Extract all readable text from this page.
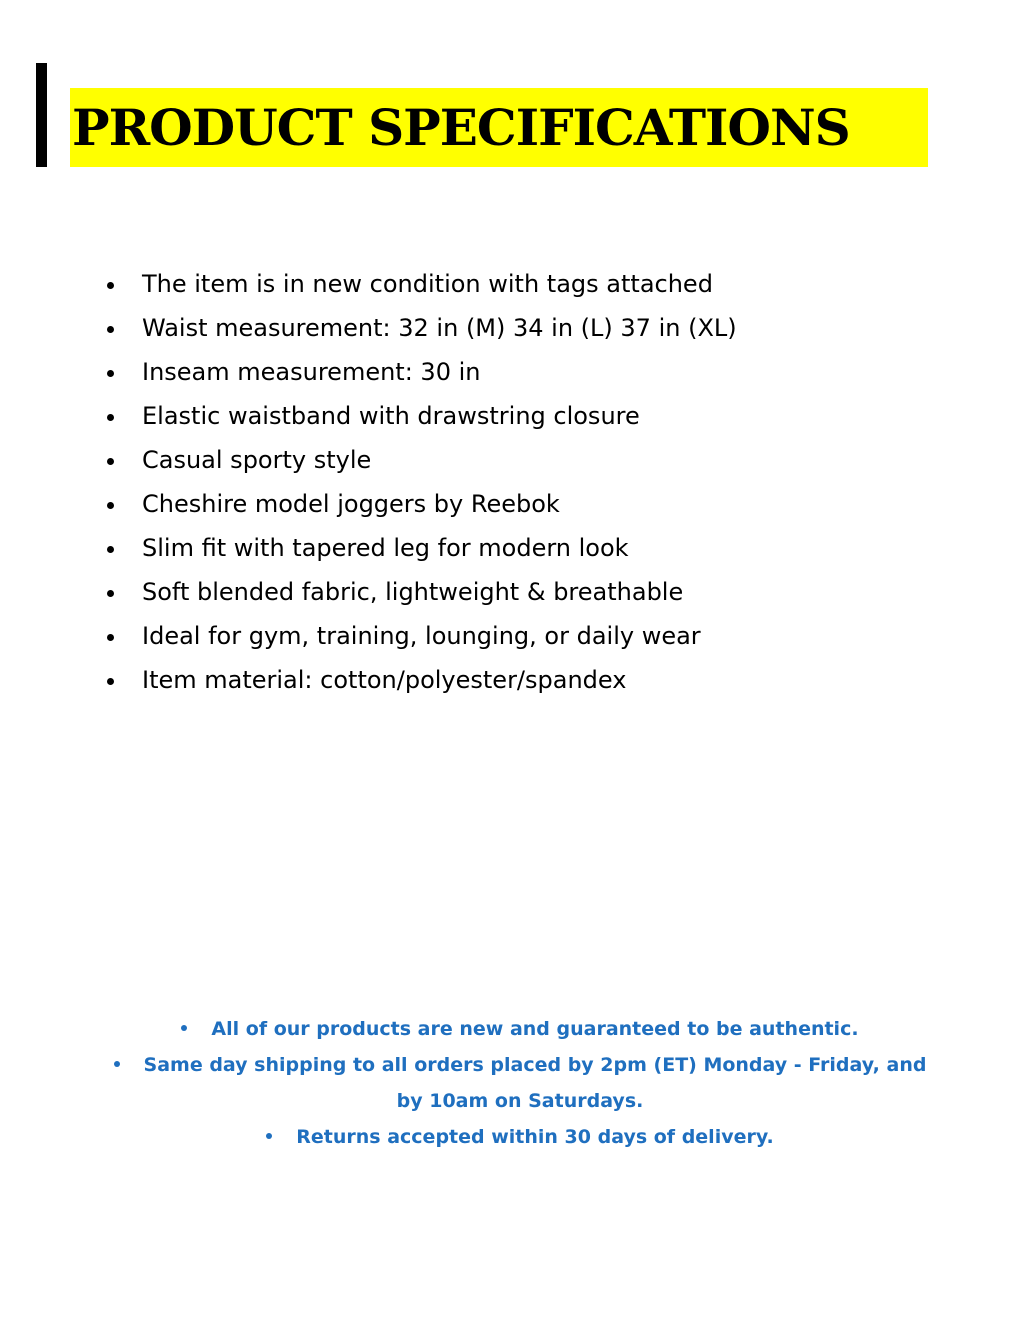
PRODUCT SPECIFICATIONS
The item is in new condition with tags attached
Waist measurement: 32 in (M) 34 in (L) 37 in (XL)
Inseam measurement: 30 in
Elastic waistband with drawstring closure
Casual sporty style
Cheshire model joggers by Reebok
Slim fit with tapered leg for modern look
Soft blended fabric, lightweight & breathable
Ideal for gym, training, lounging, or daily wear
Item material: cotton/polyester/spandex
All of our products are new and guaranteed to be authentic.
Same day shipping to all orders placed by 2pm (ET) Monday - Friday, and
by 10am on Saturdays.
Returns accepted within 30 days of delivery.
